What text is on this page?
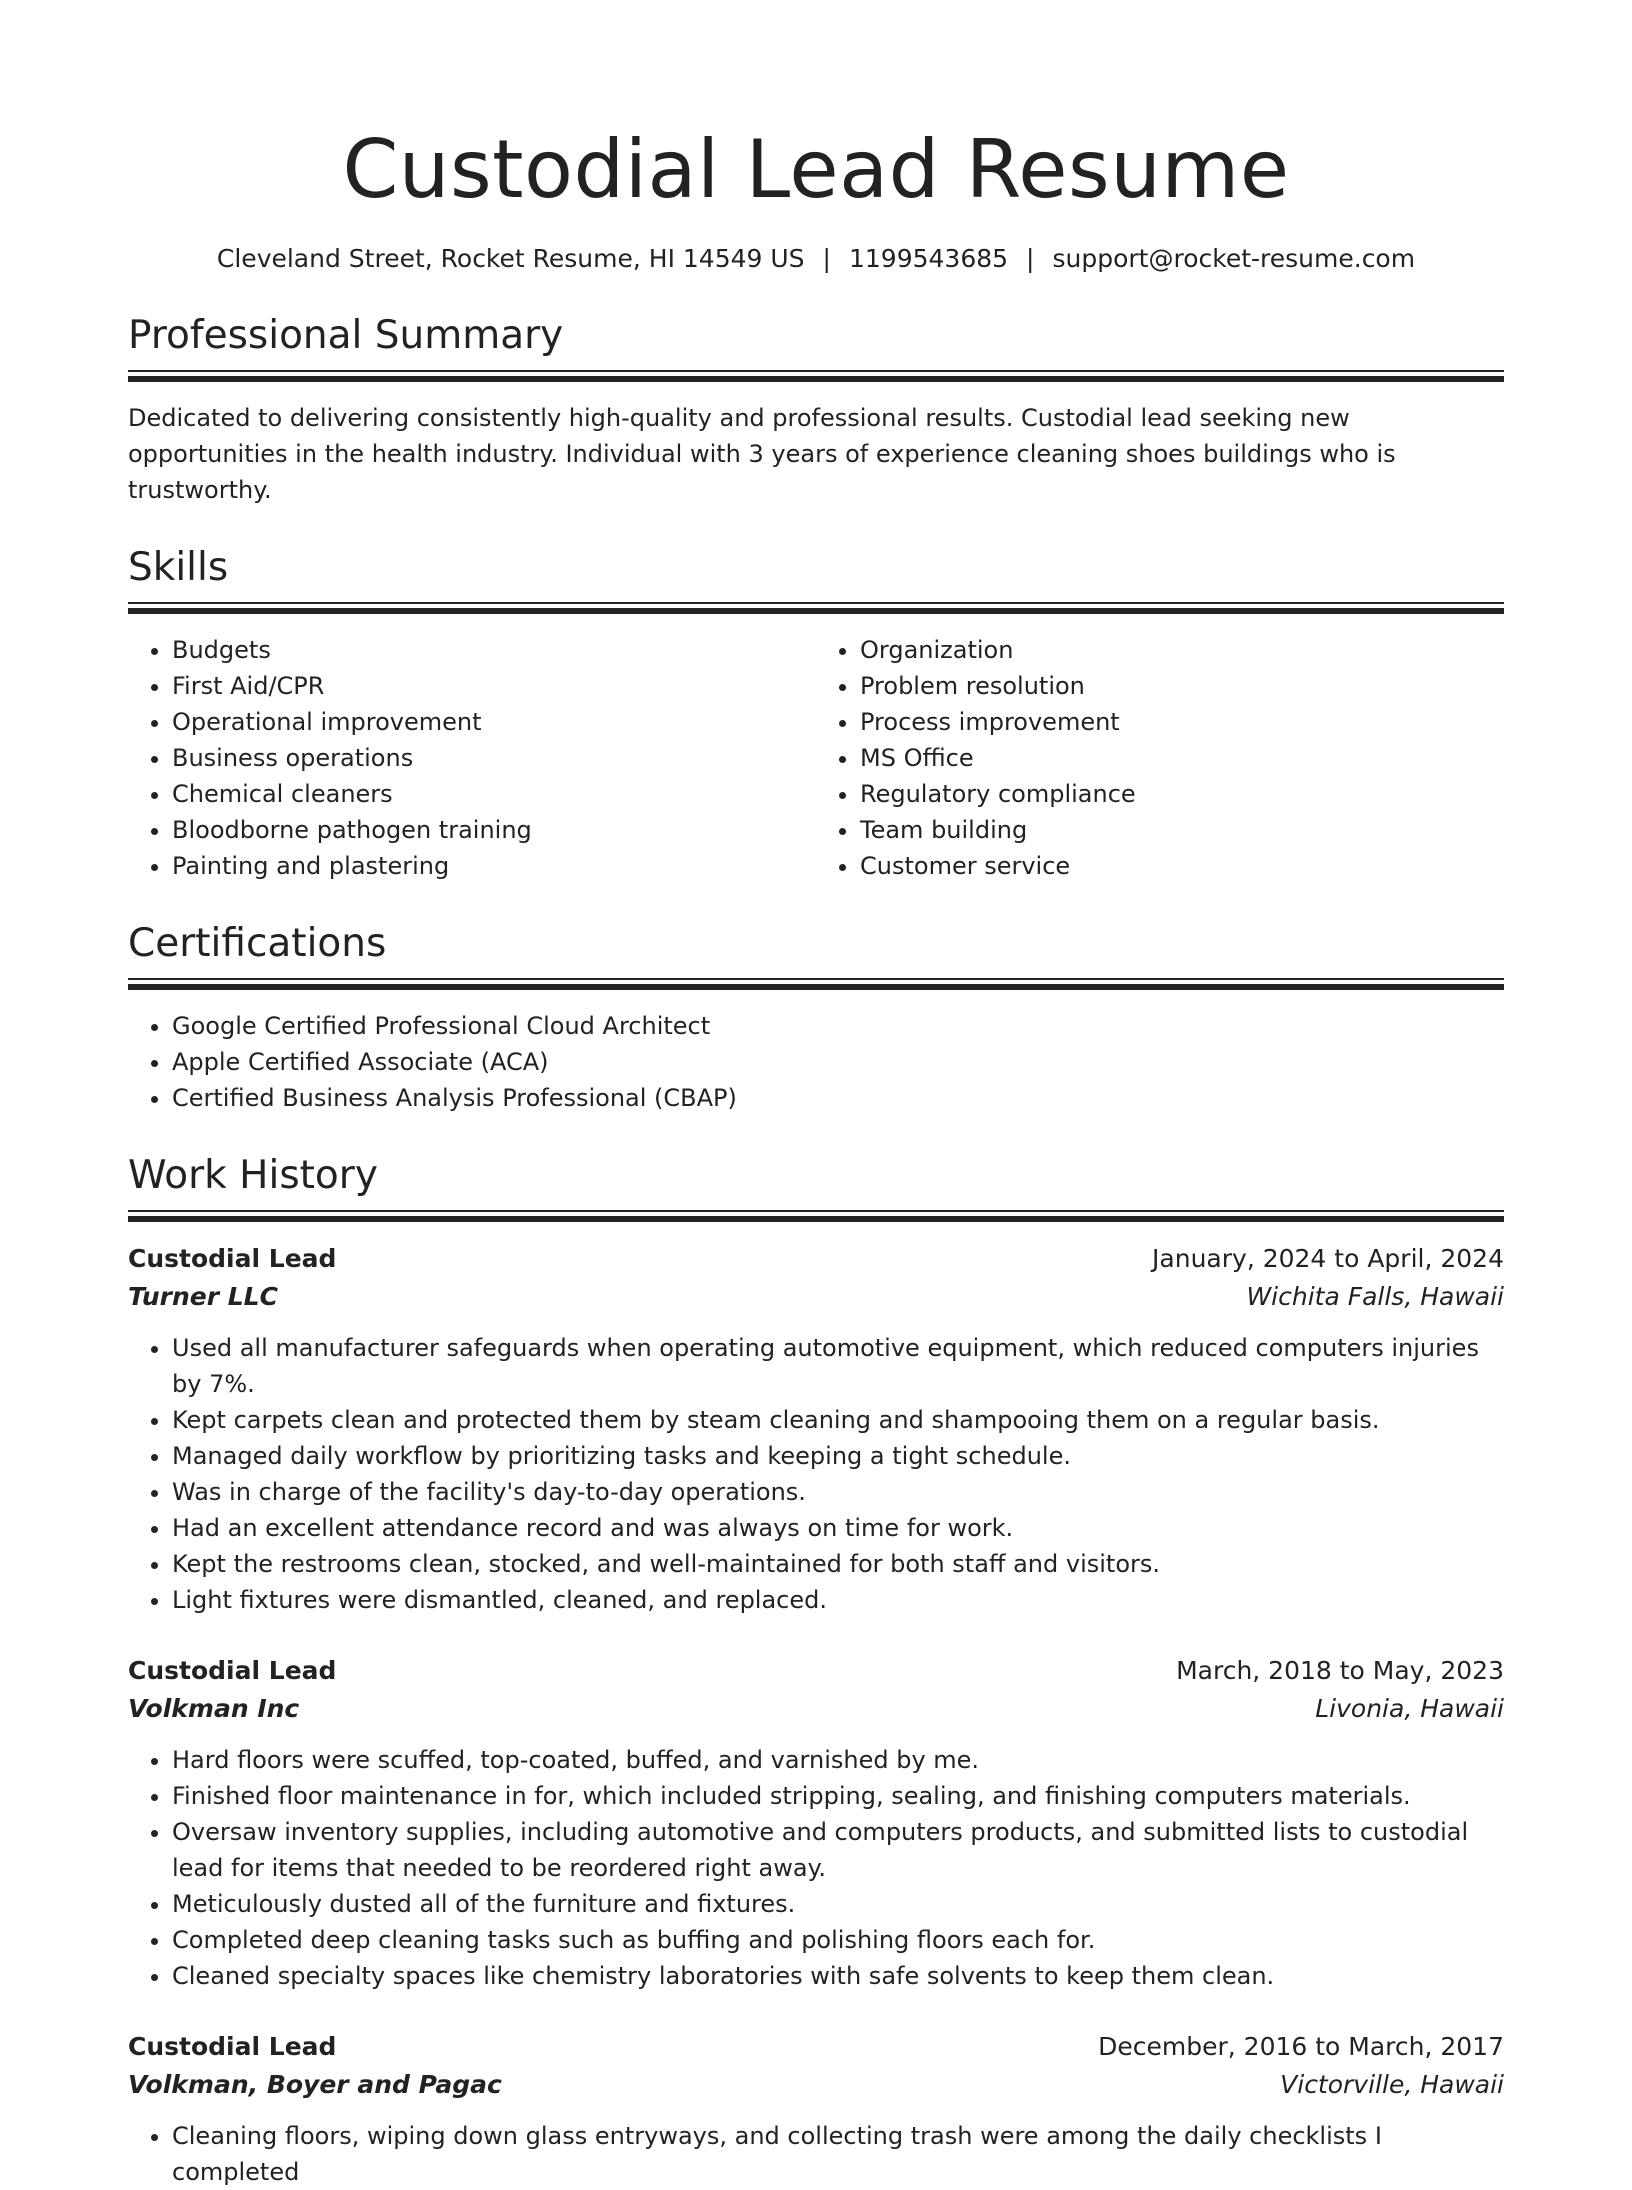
Custodial Lead Resume
Cleveland Street, Rocket Resume, HI 14549 US | 1199543685 | support@rocket-resume.com
Professional Summary

Dedicated to delivering consistently high-quality and professional results. Custodial lead seeking new opportunities in the health industry. Individual with 3 years of experience cleaning shoes buildings who is trustworthy.

Skills
• Budgets
• First Aid/CPR
• Operational improvement
• Business operations
• Chemical cleaners
• Bloodborne pathogen training
• Painting and plastering
• Organization
• Problem resolution
• Process improvement
• MS Office
• Regulatory compliance
• Team building
• Customer service
Certifications
• Google Certified Professional Cloud Architect
• Apple Certified Associate (ACA)
• Certified Business Analysis Professional (CBAP)
Work History
Custodial Lead	January, 2024 to April, 2024
Turner LLC	Wichita Falls, Hawaii
• Used all manufacturer safeguards when operating automotive equipment, which reduced computers injuries by 7%.
• Kept carpets clean and protected them by steam cleaning and shampooing them on a regular basis.
• Managed daily workflow by prioritizing tasks and keeping a tight schedule.
• Was in charge of the facility's day-to-day operations.
• Had an excellent attendance record and was always on time for work.
• Kept the restrooms clean, stocked, and well-maintained for both staff and visitors.
• Light fixtures were dismantled, cleaned, and replaced.
Custodial Lead	March, 2018 to May, 2023
Volkman Inc	Livonia, Hawaii
• Hard floors were scuffed, top-coated, buffed, and varnished by me.
• Finished floor maintenance in for, which included stripping, sealing, and finishing computers materials.
• Oversaw inventory supplies, including automotive and computers products, and submitted lists to custodial lead for items that needed to be reordered right away.
• Meticulously dusted all of the furniture and fixtures.
• Completed deep cleaning tasks such as buffing and polishing floors each for.
• Cleaned specialty spaces like chemistry laboratories with safe solvents to keep them clean.
Custodial Lead	December, 2016 to March, 2017
Volkman, Boyer and Pagac	Victorville, Hawaii
• Cleaning floors, wiping down glass entryways, and collecting trash were among the daily checklists I completed
